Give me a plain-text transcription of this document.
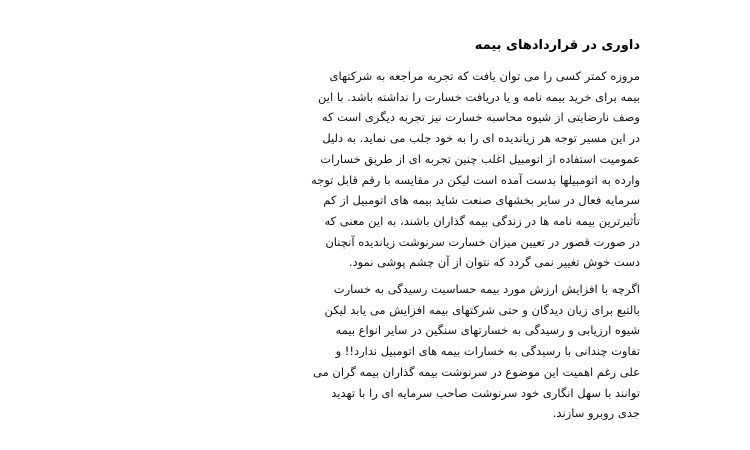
داوری در قراردادهای بیمه

مروزه کمتر کسی را می توان یافت که تجربه مراجعه به شرکتهای
بیمه برای خرید بیمه نامه و یا دریافت خسارت را نداشته باشد. با این
وصف نارضایتی از شیوه محاسبه خسارت نیز تجربه دیگری است که
در این مسیر توجه هر زیاندیده ای را به خود جلب می نماید. به دلیل
عمومیت استفاده از اتومبیل اغلب چنین تجربه ای از طریق خسارات
وارده به اتومبیلها بدست آمده است لیکن در مقایسه با رقم قابل توجه
سرمایه فعال در سایر بخشهای صنعت شاید بیمه های اتومبیل از کم
تأثیرترین بیمه نامه ها در زندگی بیمه گذاران باشند، به این معنی که
در صورت قصور در تعیین میزان خسارت سرنوشت زیاندیده آنچنان
دست خوش تغییر نمی گردد که نتوان از آن چشم پوشی نمود.

اگرچه با افزایش ارزش مورد بیمه حساسیت رسیدگی به خسارت
بالتبع برای زیان دیدگان و حتی شرکتهای بیمه افزایش می یابد لیکن
شیوه ارزیابی و رسیدگی به خسارتهای سنگین در سایر انواع بیمه
تفاوت چندانی با رسیدگی به خسارات بیمه های اتومبیل ندارد!! و
علی رغم اهمیت این موضوع در سرنوشت بیمه گذاران بیمه گران می
توانند با سهل انگاری خود سرنوشت صاحب سرمایه ای را با تهدید
جدی روبرو سازند.
